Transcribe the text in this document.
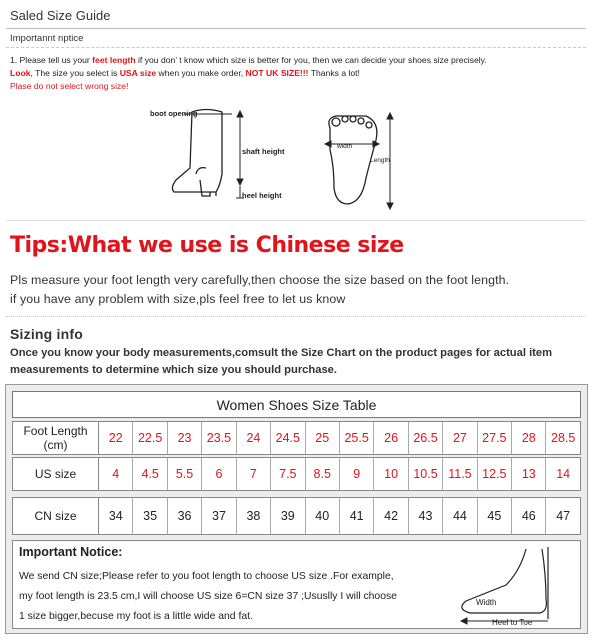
Saled Size Guide
Importannt nptice
1. Please tell us your feet length if you don’ t know which size is better for you, then we can decide your shoes size precisely.
Look, The size you select is USA size when you make order, NOT UK SIZE!!! Thanks a lot!
Plase do not select wrong size!
boot opening
shaft height
heel height
width
Length
Tips:What we use is Chinese size
Pls measure your foot length very carefully,then choose the size based on the foot length.
if you have any problem with size,pls feel free to let us know
Sizing info
Once you know your body measurements,comsult the Size Chart on the product pages for actual item measurements to determine which size you should purchase.
Women Shoes Size Table
Foot Length
(cm)	22	22.5	23	23.5	24	24.5	25	25.5	26	26.5	27	27.5	28	28.5
US size	4	4.5	5.5	6	7	7.5	8.5	9	10	10.5 11.5 12.5	13	14
CN size	34	35	36	37	38	39	40	41	42	43	44	45	46	47
Important Notice:
We send CN size;Please refer to you foot length to choose US size .For example,
my foot length is 23.5 cm,I will choose US size 6=CN size 37 ;Ususlly I will choose
1 size bigger,becuse my foot is a little wide and fat.
Width
Heel to Toe
